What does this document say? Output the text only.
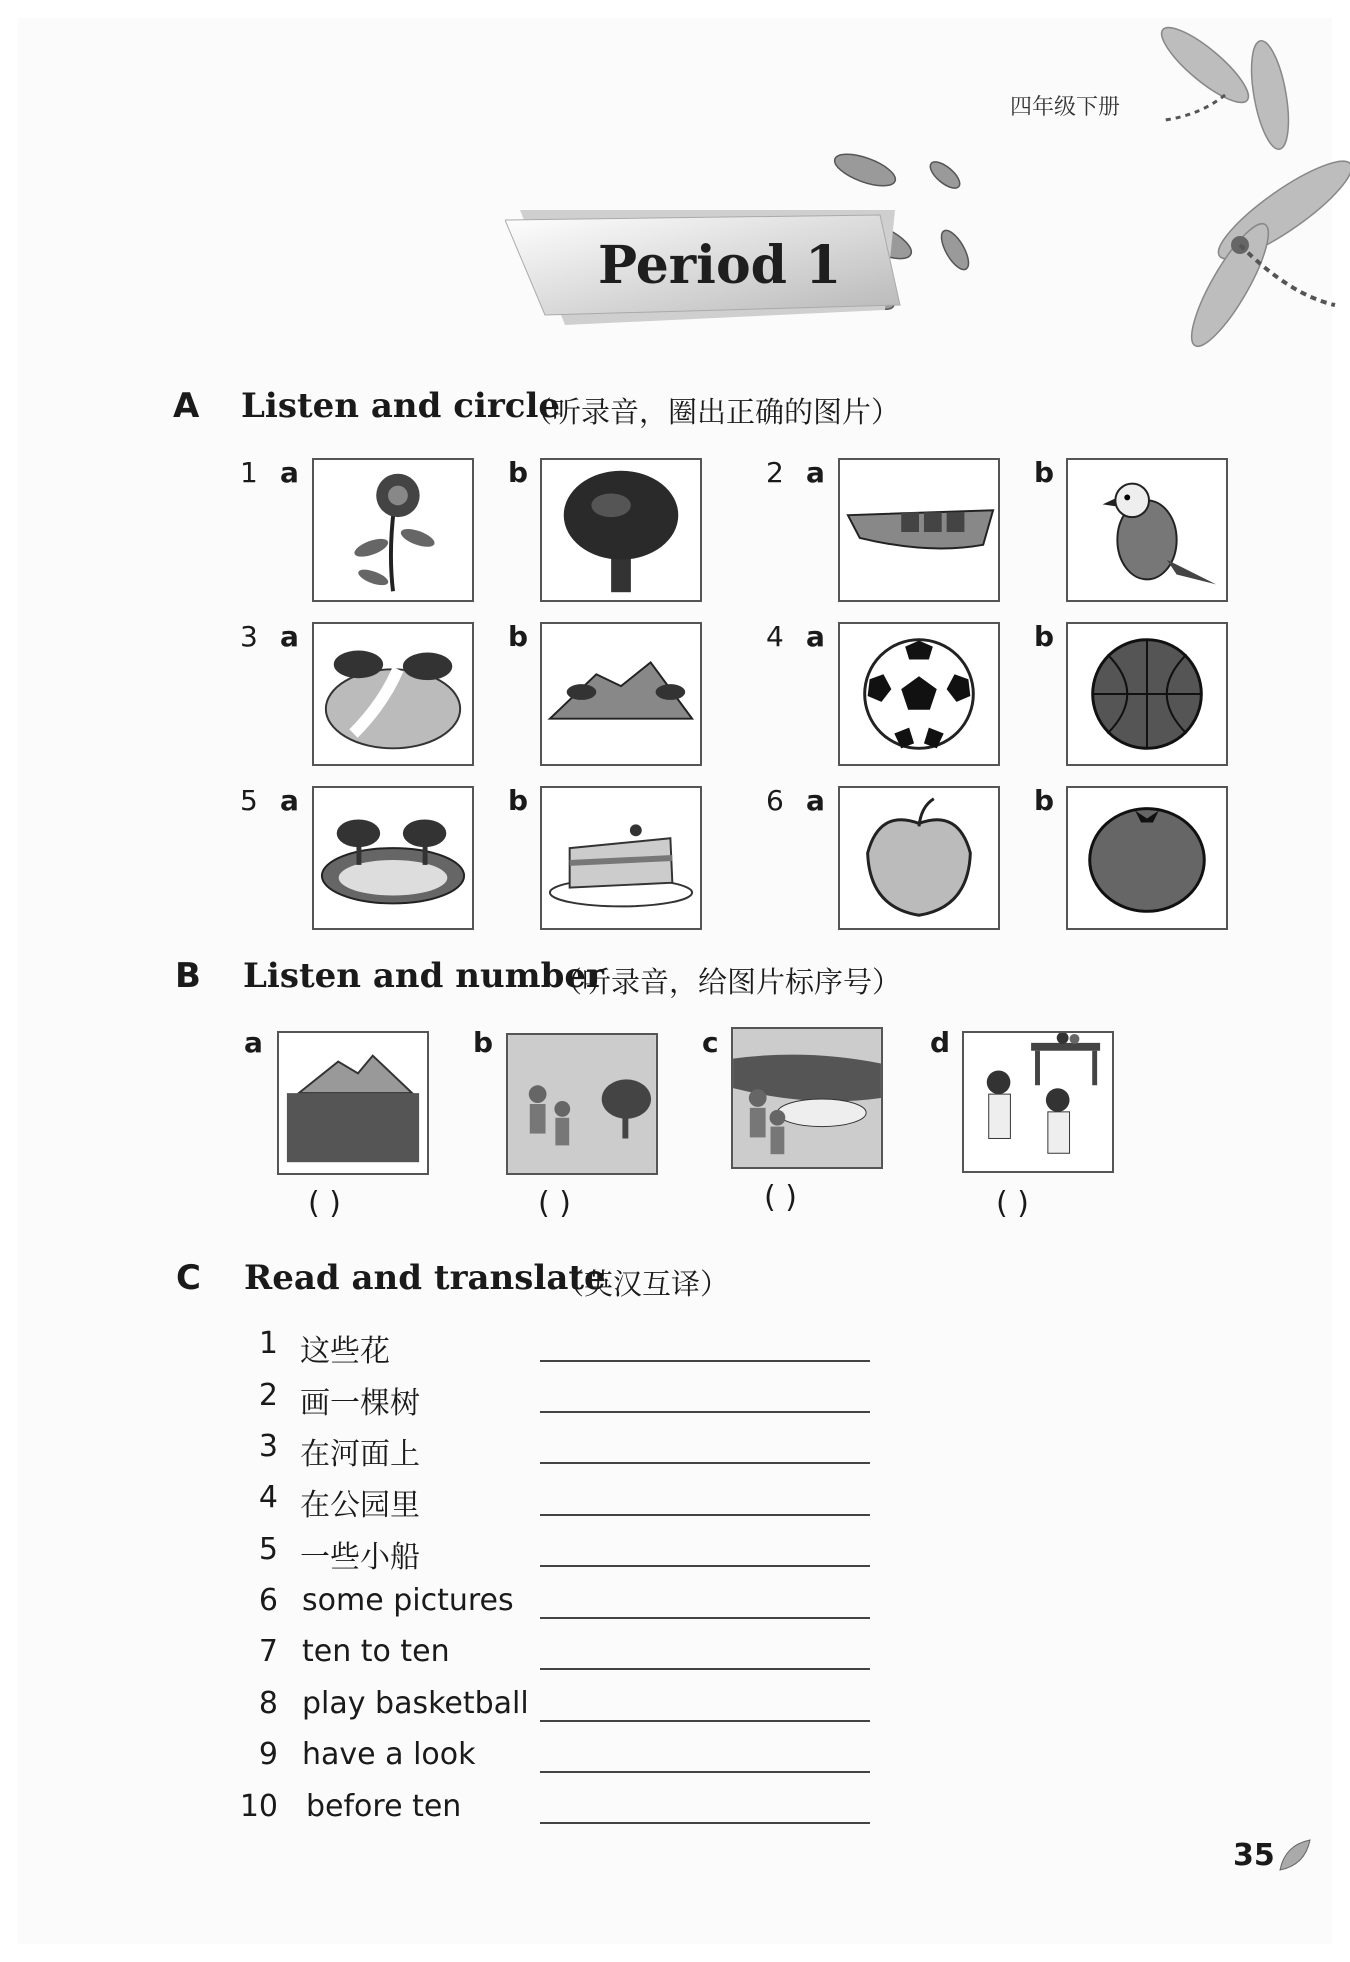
四年级下册
Period 1
A Listen and circle
（听录音，圈出正确的图片）
1 a	b	2 a	b
3 a	b	4 a	b
5 a	b	6 a	b
B Listen and number
（听录音，给图片标序号）
a
( )
b
( )
c
( )
d
( )
C Read and translate
（英汉互译）
1 这些花
2 画一棵树
3 在河面上
4 在公园里
5 一些小船
6 some pictures
7 ten to ten
8 play basketball
9 have a look
10 before ten
35
